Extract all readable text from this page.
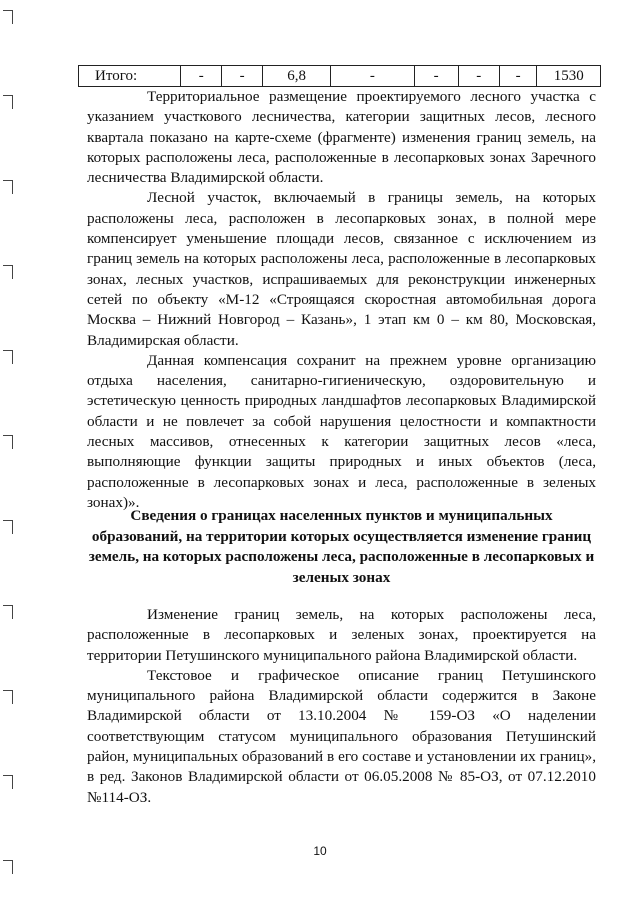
Итого:	-	-	6,8	-	-	-	-	1530

Территориальное размещение проектируемого лесного участка с указанием участкового лесничества, категории защитных лесов, лесного квартала показано на карте-схеме (фрагменте) изменения границ земель, на которых расположены леса, расположенные в лесопарковых зонах Заречного лесничества Владимирской области.

Лесной участок, включаемый в границы земель, на которых расположены леса, расположен в лесопарковых зонах, в полной мере компенсирует уменьшение площади лесов, связанное с исключением из границ земель на которых расположены леса, расположенные в лесопарковых зонах, лесных участков, испрашиваемых для реконструкции инженерных сетей по объекту «М-12 «Строящаяся скоростная автомобильная дорога Москва – Нижний Новгород – Казань», 1 этап км 0 – км 80, Московская, Владимирская области.

Данная компенсация сохранит на прежнем уровне организацию отдыха населения, санитарно-гигиеническую, оздоровительную и эстетическую ценность природных ландшафтов лесопарковых Владимирской области и не повлечет за собой нарушения целостности и компактности лесных массивов, отнесенных к категории защитных лесов «леса, выполняющие функции защиты природных и иных объектов (леса, расположенные в лесопарковых зонах и леса, расположенные в зеленых зонах)».

Сведения о границах населенных пунктов и муниципальных образований, на территории которых осуществляется изменение границ земель, на которых расположены леса, расположенные в лесопарковых и зеленых зонах

Изменение границ земель, на которых расположены леса, расположенные в лесопарковых и зеленых зонах, проектируется на территории Петушинского муниципального района Владимирской области.

Текстовое и графическое описание границ Петушинского муниципального района Владимирской области содержится в Законе Владимирской области от 13.10.2004 № 159-ОЗ «О наделении соответствующим статусом муниципального образования Петушинский район, муниципальных образований в его составе и установлении их границ», в ред. Законов Владимирской области от 06.05.2008 № 85-ОЗ, от 07.12.2010 №114-ОЗ.

10
